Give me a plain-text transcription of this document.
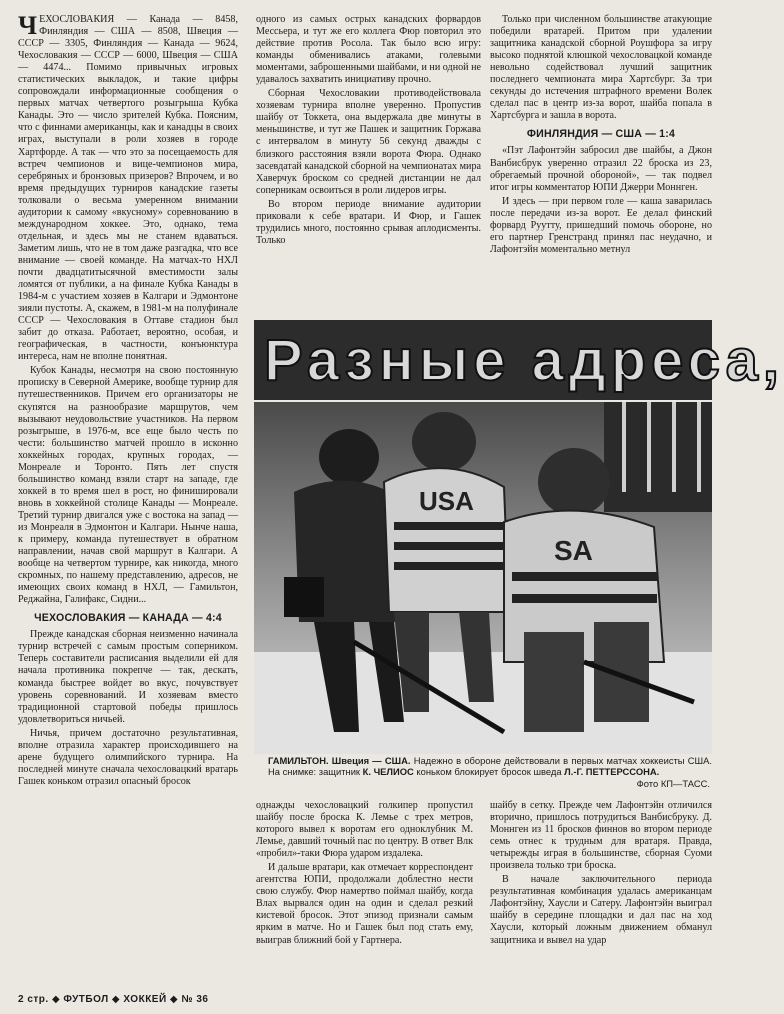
ЧЕХОСЛОВАКИЯ — Канада — 8458, Финляндия — США — 8508, Швеция — СССР — 3305, Финляндия — Канада — 9624, Чехословакия — СССР — 6000, Швеция — США — 4474... Помимо привычных игровых статистических выкладок, и такие цифры сопровождали информационные сообщения о первых матчах четвертого розыгрыша Кубка Канады. Это — число зрителей Кубка. Поясним, что с финнами американцы, как и канадцы в своих играх, выступали в роли хозяев в городе Хартфорде. А так — что это за посещаемость для встреч чемпионов и вице-чемпионов мира, серебряных и бронзовых призеров? Впрочем, и во время предыдущих турниров канадские газеты толковали о весьма умеренном внимании аудитории к самому «вкусному» соревнованию в международном хоккее. Это, однако, тема отдельная, и здесь мы не станем вдаваться. Заметим лишь, что не в том даже разгадка, что все внимание — своей команде. На матчах-то НХЛ почти двадцатитысячной вместимости залы ломятся от публики, а на финале Кубка Канады в 1984-м с участием хозяев в Калгари и Эдмонтоне зияли пустоты. А, скажем, в 1981-м на полуфинале СССР — Чехословакия в Оттаве стадион был забит до отказа. Работает, вероятно, особая, и географическая, в частности, конъюнктура интереса, нам не вполне понятная.

Кубок Канады, несмотря на свою постоянную прописку в Северной Америке, вообще турнир для путешественников. Причем его организаторы не скупятся на разнообразие маршрутов, чем вызывают неудовольствие участников. На первом розыгрыше, в 1976-м, все еще было честь по чести: большинство матчей прошло в исконно хоккейных городах, крупных городах, — Монреале и Торонто. Пять лет спустя большинство команд взяли старт на западе, где хоккей в то время шел в рост, но финишировали вновь в хоккейной столице Канады — Монреале. Третий турнир двигался уже с востока на запад — из Монреаля в Эдмонтон и Калгари. Нынче наша, к примеру, команда путешествует в обратном направлении, начав свой маршрут в Калгари. А вообще на четвертом турнире, как никогда, много скромных, по нашему представлению, адресов, не имеющих своих команд в НХЛ, — Гамильтон, Реджайна, Галифакс, Сидни...

ЧЕХОСЛОВАКИЯ — КАНАДА — 4:4

Прежде канадская сборная неизменно начинала турнир встречей с самым простым соперником. Теперь составители расписания выделили ей для начала противника покрепче — так, дескать, команда быстрее войдет во вкус, почувствует уровень соревнований. И хозяевам вместо традиционной стартовой победы пришлось удовлетвориться ничьей.

Ничья, причем достаточно результативная, вполне отразила характер происходившего на арене будущего олимпийского турнира. На последней минуте сначала чехословацкий вратарь Гашек коньком отразил опасный бросок

одного из самых острых канадских форвардов Мессьера, и тут же его коллега Фюр повторил это действие против Росола. Так было всю игру: команды обменивались атаками, голевыми моментами, заброшенными шайбами, и ни одной не удавалось захватить инициативу прочно.

Сборная Чехословакии противодействовала хозяевам турнира вполне уверенно. Пропустив шайбу от Токкета, она выдержала две минуты в меньшинстве, и тут же Пашек и защитник Горжава с интервалом в минуту 56 секунд дважды с близкого расстояния взяли ворота Фюра. Однако засевдатай канадской сборной на чемпионатах мира Хаверчук броском со средней дистанции не дал соперникам освоиться в роли лидеров игры.

Во втором периоде внимание аудитории приковали к себе вратари. И Фюр, и Гашек трудились много, постоянно срывая аплодисменты. Только

Только при численном большинстве атакующие победили вратарей. Притом при удалении защитника канадской сборной Роушфора за игру высоко поднятой клюшкой чехословацкой команде невольно содействовал лучший защитник последнего чемпионата мира Хартсбург. За три секунды до истечения штрафного времени Волек сделал пас в центр из-за ворот, шайба попала в Хартсбурга и зашла в ворота.

ФИНЛЯНДИЯ — США — 1:4

«Пэт Лафонтэйн забросил две шайбы, а Джон Ванбисбрук уверенно отразил 22 броска из 23, обрегаемый прочной обороной», — так подвел итог игры комментатор ЮПИ Джерри Моннген.

И здесь — при первом голе — каша заварилась после передачи из-за ворот. Ее делал финский форвард Руутту, пришедший помочь обороне, но его партнер Гренстранд принял пас неудачно, и Лафонтэйн моментально метнул

Разные адреса,
USA
SA
ГАМИЛЬТОН. Швеция — США. Надежно в обороне действовали в первых матчах хоккеисты США. На снимке: защитник К. ЧЕЛИОС коньком блокирует бросок шведа Л.-Г. ПЕТТЕРССОНА.
Фото КП—ТАСС.

однажды чехословацкий голкипер пропустил шайбу после броска К. Лемье с трех метров, которого вывел к воротам его одноклубник М. Лемье, давший точный пас по центру. В ответ Влк «пробил»-таки Фюра ударом издалека.

И дальше вратари, как отмечает корреспондент агентства ЮПИ, продолжали доблестно нести свою службу. Фюр намертво поймал шайбу, когда Влах вырвался один на один и сделал резкий кистевой бросок. Этот эпизод признали самым ярким в матче. Но и Гашек был под стать ему, выиграв ближний бой у Гартнера.

шайбу в сетку. Прежде чем Лафонтэйн отличился вторично, пришлось потрудиться Ванбисбруку. Д. Моннген из 11 бросков финнов во втором периоде семь отнес к трудным для вратаря. Правда, четырежды играя в большинстве, сборная Суоми произвела только три броска.

В начале заключительного периода результативная комбинация удалась американцам Лафонтэйну, Хаусли и Сатеру. Лафонтэйн выиграл шайбу в середине площадки и дал пас на ход Хаусли, который ложным движением обманул защитника и вывел на удар

2 стр. ◆ ФУТБОЛ ◆ ХОККЕЙ ◆ № 36
